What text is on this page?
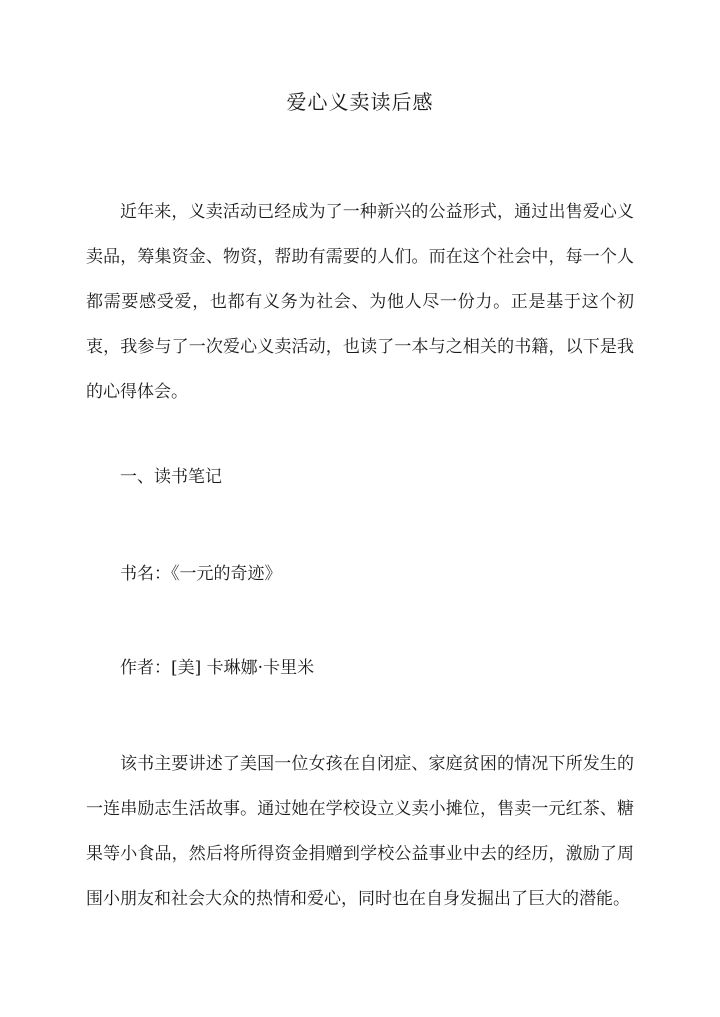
爱心义卖读后感
近年来，义卖活动已经成为了一种新兴的公益形式，通过出售爱心义卖品，筹集资金、物资，帮助有需要的人们。而在这个社会中，每一个人都需要感受爱，也都有义务为社会、为他人尽一份力。正是基于这个初衷，我参与了一次爱心义卖活动，也读了一本与之相关的书籍，以下是我的心得体会。
一、读书笔记
书名：《一元的奇迹》
作者：[美] 卡琳娜·卡里米
该书主要讲述了美国一位女孩在自闭症、家庭贫困的情况下所发生的一连串励志生活故事。通过她在学校设立义卖小摊位，售卖一元红茶、糖果等小食品，然后将所得资金捐赠到学校公益事业中去的经历，激励了周围小朋友和社会大众的热情和爱心，同时也在自身发掘出了巨大的潜能。
